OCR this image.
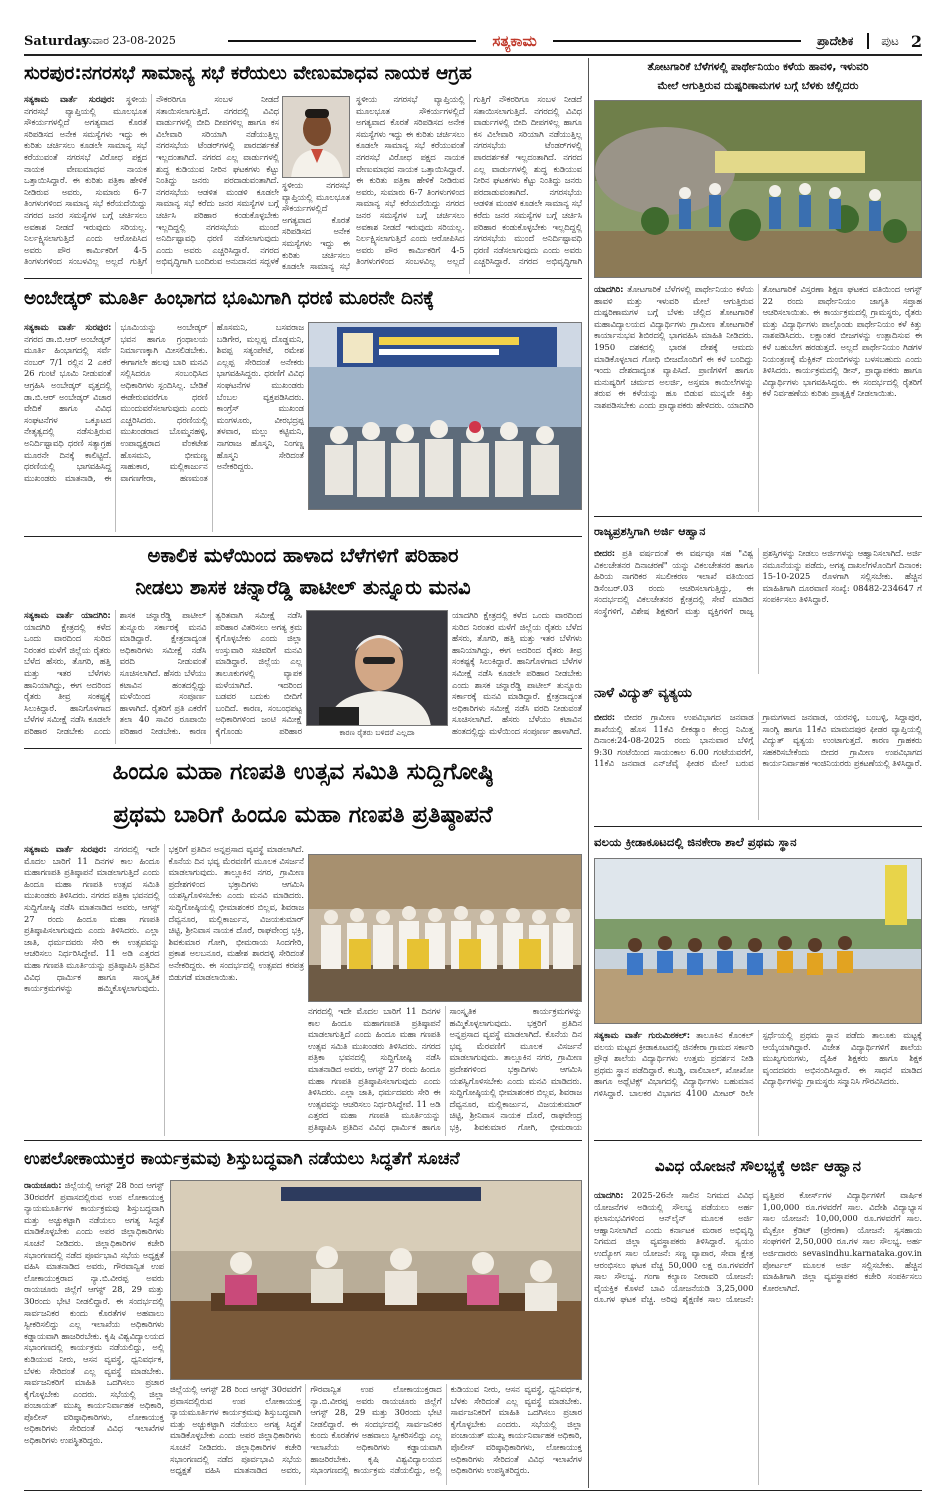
Saturday
ಶನಿವಾರ 23-08-2025	ಸತ್ಯಕಾಮ	ಪ್ರಾದೇಶಿಕ	ಪುಟ 2
ಸುರಪುರ:ನಗರಸಭೆ ಸಾಮಾನ್ಯ ಸಭೆ ಕರೆಯಲು ವೇಣುಮಾಧವ ನಾಯಕ ಆಗ್ರಹ
ಸತ್ಯಕಾಮ ವಾರ್ತೆ ಸುರಪುರ: ಸ್ಥಳೀಯ ನಗರಸಭೆ ವ್ಯಾಪ್ತಿಯಲ್ಲಿ ಮೂಲಭೂತ ಸೌಕರ್ಯಗಳಲ್ಲಿದೆ ಅಗತ್ಯವಾದ ಕೊರತೆ ಸರಿಪಡಿಸದ ಅನೇಕ ಸಮಸ್ಯೆಗಳು ಇದ್ದು ಈ ಕುರಿತು ಚರ್ಚಿಸಲು ಕೂಡಲೇ ಸಾಮಾನ್ಯ ಸಭೆ ಕರೆಯುವಂತೆ ನಗರಸಭೆ ವಿರೋಧ ಪಕ್ಷದ ನಾಯಕ ವೇಣುಮಾಧವ ನಾಯಕ ಒತ್ತಾಯಿಸಿದ್ದಾರೆ. ಈ ಕುರಿತು ಪತ್ರಿಕಾ ಹೇಳಿಕೆ ನೀಡಿರುವ ಅವರು, ಸುಮಾರು 6-7 ತಿಂಗಳುಗಳಿಂದ ಸಾಮಾನ್ಯ ಸಭೆ ಕರೆಯದೆಯಿದ್ದು ನಗರದ ಜನರ ಸಮಸ್ಯೆಗಳ ಬಗ್ಗೆ ಚರ್ಚಿಸಲು ಅವಕಾಶ ನೀಡದೆ ಇರುವುದು ಸರಿಯಲ್ಲ. ನಿರ್ಲಕ್ಷ್ಯಿಸಲಾಗುತ್ತಿದೆ ಎಂದು ಆರೋಪಿಸಿದ ಅವರು ಪೌರ ಕಾರ್ಮಿಕರಿಗೆ 4-5 ತಿಂಗಳುಗಳಿಂದ ಸಂಬಳವಿಲ್ಲ ಅಲ್ಲದೆ ಗುತ್ತಿಗೆ ನೌಕರರಿಗೂ ಸಂಬಳ ನೀಡದೆ ಸತಾಯಿಸಲಾಗುತ್ತಿದೆ. ನಗರದಲ್ಲಿ ವಿವಿಧ ವಾರ್ಡುಗಳಲ್ಲಿ ಬೀದಿ ದೀಪಗಳಿಲ್ಲ ಹಾಗೂ ಕಸ ವಿಲೇವಾರಿ ಸರಿಯಾಗಿ ನಡೆಯುತ್ತಿಲ್ಲ ನಗರಸಭೆಯ ಟೆಂಡರ್‌ಗಳಲ್ಲಿ ಪಾರದರ್ಶಕತೆ ಇಲ್ಲದಂತಾಗಿದೆ. ನಗರದ ಎಲ್ಲ ವಾರ್ಡುಗಳಲ್ಲಿ ಶುದ್ಧ ಕುಡಿಯುವ ನೀರಿನ ಘಟಕಗಳು ಕೆಟ್ಟು ನಿಂತಿದ್ದು ಜನರು ಪರದಾಡುವಂತಾಗಿದೆ. ನಗರಸಭೆಯ ಆಡಳಿತ ಮಂಡಳಿ ಕೂಡಲೇ ಸಾಮಾನ್ಯ ಸಭೆ ಕರೆದು ಜನರ ಸಮಸ್ಯೆಗಳ ಬಗ್ಗೆ ಚರ್ಚಿಸಿ ಪರಿಹಾರ ಕಂಡುಕೊಳ್ಳಬೇಕು ಇಲ್ಲದಿದ್ದಲ್ಲಿ ನಗರಸಭೆಯ ಮುಂದೆ ಅನಿರ್ದಿಷ್ಟಾವಧಿ ಧರಣಿ ನಡೆಸಲಾಗುವುದು ಎಂದು ಅವರು ಎಚ್ಚರಿಸಿದ್ದಾರೆ. ನಗರದ ಅಭಿವೃದ್ಧಿಗಾಗಿ ಬಂದಿರುವ ಅನುದಾನದ ಸದ್ಬಳಕೆ
ಸ್ಥಳೀಯ ನಗರಸಭೆ ವ್ಯಾಪ್ತಿಯಲ್ಲಿ ಮೂಲಭೂತ ಸೌಕರ್ಯಗಳಲ್ಲಿದೆ ಅಗತ್ಯವಾದ ಕೊರತೆ ಸರಿಪಡಿಸದ ಅನೇಕ ಸಮಸ್ಯೆಗಳು ಇದ್ದು ಈ ಕುರಿತು ಚರ್ಚಿಸಲು ಕೂಡಲೇ ಸಾಮಾನ್ಯ ಸಭೆ
ಸ್ಥಳೀಯ ನಗರಸಭೆ ವ್ಯಾಪ್ತಿಯಲ್ಲಿ ಮೂಲಭೂತ ಸೌಕರ್ಯಗಳಲ್ಲಿದೆ ಅಗತ್ಯವಾದ ಕೊರತೆ ಸರಿಪಡಿಸದ ಅನೇಕ ಸಮಸ್ಯೆಗಳು ಇದ್ದು ಈ ಕುರಿತು ಚರ್ಚಿಸಲು ಕೂಡಲೇ ಸಾಮಾನ್ಯ ಸಭೆ ಕರೆಯುವಂತೆ ನಗರಸಭೆ ವಿರೋಧ ಪಕ್ಷದ ನಾಯಕ ವೇಣುಮಾಧವ ನಾಯಕ ಒತ್ತಾಯಿಸಿದ್ದಾರೆ. ಈ ಕುರಿತು ಪತ್ರಿಕಾ ಹೇಳಿಕೆ ನೀಡಿರುವ ಅವರು, ಸುಮಾರು 6-7 ತಿಂಗಳುಗಳಿಂದ ಸಾಮಾನ್ಯ ಸಭೆ ಕರೆಯದೆಯಿದ್ದು ನಗರದ ಜನರ ಸಮಸ್ಯೆಗಳ ಬಗ್ಗೆ ಚರ್ಚಿಸಲು ಅವಕಾಶ ನೀಡದೆ ಇರುವುದು ಸರಿಯಲ್ಲ. ನಿರ್ಲಕ್ಷ್ಯಿಸಲಾಗುತ್ತಿದೆ ಎಂದು ಆರೋಪಿಸಿದ ಅವರು ಪೌರ ಕಾರ್ಮಿಕರಿಗೆ 4-5 ತಿಂಗಳುಗಳಿಂದ ಸಂಬಳವಿಲ್ಲ ಅಲ್ಲದೆ ಗುತ್ತಿಗೆ ನೌಕರರಿಗೂ ಸಂಬಳ ನೀಡದೆ ಸತಾಯಿಸಲಾಗುತ್ತಿದೆ. ನಗರದಲ್ಲಿ ವಿವಿಧ ವಾರ್ಡುಗಳಲ್ಲಿ ಬೀದಿ ದೀಪಗಳಿಲ್ಲ ಹಾಗೂ ಕಸ ವಿಲೇವಾರಿ ಸರಿಯಾಗಿ ನಡೆಯುತ್ತಿಲ್ಲ ನಗರಸಭೆಯ ಟೆಂಡರ್‌ಗಳಲ್ಲಿ ಪಾರದರ್ಶಕತೆ ಇಲ್ಲದಂತಾಗಿದೆ. ನಗರದ ಎಲ್ಲ ವಾರ್ಡುಗಳಲ್ಲಿ ಶುದ್ಧ ಕುಡಿಯುವ ನೀರಿನ ಘಟಕಗಳು ಕೆಟ್ಟು ನಿಂತಿದ್ದು ಜನರು ಪರದಾಡುವಂತಾಗಿದೆ. ನಗರಸಭೆಯ ಆಡಳಿತ ಮಂಡಳಿ ಕೂಡಲೇ ಸಾಮಾನ್ಯ ಸಭೆ ಕರೆದು ಜನರ ಸಮಸ್ಯೆಗಳ ಬಗ್ಗೆ ಚರ್ಚಿಸಿ ಪರಿಹಾರ ಕಂಡುಕೊಳ್ಳಬೇಕು ಇಲ್ಲದಿದ್ದಲ್ಲಿ ನಗರಸಭೆಯ ಮುಂದೆ ಅನಿರ್ದಿಷ್ಟಾವಧಿ ಧರಣಿ ನಡೆಸಲಾಗುವುದು ಎಂದು ಅವರು ಎಚ್ಚರಿಸಿದ್ದಾರೆ. ನಗರದ ಅಭಿವೃದ್ಧಿಗಾಗಿ
ಅಂಬೇಡ್ಕರ್ ಮೂರ್ತಿ ಹಿಂಭಾಗದ ಭೂಮಿಗಾಗಿ ಧರಣಿ ಮೂರನೇ ದಿನಕ್ಕೆ
ಸತ್ಯಕಾಮ ವಾರ್ತೆ ಸುರಪುರ: ನಗರದ ಡಾ.ಬಿ.ಆರ್ ಅಂಬೇಡ್ಕರ್ ಮೂರ್ತಿ ಹಿಂಭಾಗದಲ್ಲಿ ಸರ್ವೆ ನಂಬರ್ 7/1 ರಲ್ಲಿನ 2 ಎಕರೆ 26 ಗುಂಟೆ ಭೂಮಿ ನೀಡುವಂತೆ ಆಗ್ರಹಿಸಿ ಅಂಬೇಡ್ಕರ್ ವೃತ್ತದಲ್ಲಿ ಡಾ.ಬಿ.ಆರ್ ಅಂಬೇಡ್ಕರ್ ವಿಚಾರ ವೇದಿಕೆ ಹಾಗೂ ವಿವಿಧ ಸಂಘಟನೆಗಳ ಒಕ್ಕೂಟದ ನೇತೃತ್ವದಲ್ಲಿ ನಡೆಸುತ್ತಿರುವ ಅನಿರ್ದಿಷ್ಟಾವಧಿ ಧರಣಿ ಸತ್ಯಾಗ್ರಹ ಮೂರನೇ ದಿನಕ್ಕೆ ಕಾಲಿಟ್ಟಿದೆ. ಧರಣಿಯಲ್ಲಿ ಭಾಗವಹಿಸಿದ್ದ ಮುಖಂಡರು ಮಾತನಾಡಿ, ಈ ಭೂಮಿಯನ್ನು ಅಂಬೇಡ್ಕರ್ ಭವನ ಹಾಗೂ ಗ್ರಂಥಾಲಯ ನಿರ್ಮಾಣಕ್ಕಾಗಿ ಮೀಸಲಿಡಬೇಕು. ಈಗಾಗಲೇ ಹಲವು ಬಾರಿ ಮನವಿ ಸಲ್ಲಿಸಿದರೂ ಸಂಬಂಧಿಸಿದ ಅಧಿಕಾರಿಗಳು ಸ್ಪಂದಿಸಿಲ್ಲ. ಬೇಡಿಕೆ ಈಡೇರುವವರೆಗೂ ಧರಣಿ ಮುಂದುವರೆಸಲಾಗುವುದು ಎಂದು ಎಚ್ಚರಿಸಿದರು. ಧರಣಿಯಲ್ಲಿ ಮುಖಂಡರಾದ ಬೊಮ್ಮನಹಳ್ಳಿ, ಉಪಾಧ್ಯಕ್ಷರಾದ ವೆಂಕಟೇಶ ಹೊಸಮನಿ, ಭೀಮಣ್ಣ ಸಾಹುಕಾರ, ಮಲ್ಲಿಕಾರ್ಜುನ ವಾಗಣಗೇರಾ, ಹಣಮಂತ ಹೊಸಮನಿ, ಬಸವರಾಜ ಬಡಿಗೇರ, ಮಲ್ಲಪ್ಪ ದೊಡ್ಡಮನಿ, ಶಿವಪ್ಪ ಸತ್ಯಂಪೇಟೆ, ರಮೇಶ ಎಲ್ಲಪ್ಪ ಸೇರಿದಂತೆ ಅನೇಕರು ಭಾಗವಹಿಸಿದ್ದರು. ಧರಣಿಗೆ ವಿವಿಧ ಸಂಘಟನೆಗಳ ಮುಖಂಡರು ಬೆಂಬಲ ವ್ಯಕ್ತಪಡಿಸಿದರು. ಕಾಂಗ್ರೆಸ್ ಮುಖಂಡ ಮಂಗಳೂರು, ವೀರಭದ್ರಪ್ಪ ತಳವಾರ, ಮಲ್ಲು ಕಟ್ಟಿಮನಿ, ನಾಗರಾಜ ಹೊಸ್ಮನಿ, ನಿಂಗಣ್ಣ ಹೊಸ್ಮನಿ ಸೇರಿದಂತೆ ಅನೇಕರಿದ್ದರು.
ಅಕಾಲಿಕ ಮಳೆಯಿಂದ ಹಾಳಾದ ಬೆಳೆಗಳಿಗೆ ಪರಿಹಾರ
ನೀಡಲು ಶಾಸಕ ಚನ್ನಾರೆಡ್ಡಿ ಪಾಟೀಲ್ ತುನ್ನೂರು ಮನವಿ
ಸತ್ಯಕಾಮ ವಾರ್ತೆ ಯಾದಗಿರಿ: ಯಾದಗಿರಿ ಕ್ಷೇತ್ರದಲ್ಲಿ ಕಳೆದ ಒಂದು ವಾರದಿಂದ ಸುರಿದ ನಿರಂತರ ಮಳೆಗೆ ಜಿಲ್ಲೆಯ ರೈತರು ಬೆಳೆದ ಹೆಸರು, ತೊಗರಿ, ಹತ್ತಿ ಮತ್ತು ಇತರ ಬೆಳೆಗಳು ಹಾನಿಯಾಗಿದ್ದು, ಈಗ ಅದರಿಂದ ರೈತರು ತೀವ್ರ ಸಂಕಷ್ಟಕ್ಕೆ ಸಿಲುಕಿದ್ದಾರೆ. ಹಾನಿಗೊಳಗಾದ ಬೆಳೆಗಳ ಸಮೀಕ್ಷೆ ನಡೆಸಿ ಕೂಡಲೇ ಪರಿಹಾರ ನೀಡಬೇಕು ಎಂದು ಶಾಸಕ ಚನ್ನಾರೆಡ್ಡಿ ಪಾಟೀಲ್ ತುನ್ನೂರು ಸರ್ಕಾರಕ್ಕೆ ಮನವಿ ಮಾಡಿದ್ದಾರೆ. ಕ್ಷೇತ್ರದಾದ್ಯಂತ ಅಧಿಕಾರಿಗಳು ಸಮೀಕ್ಷೆ ನಡೆಸಿ ವರದಿ ನೀಡುವಂತೆ ಸೂಚಿಸಲಾಗಿದೆ. ಹೆಸರು ಬೆಳೆಯು ಕಟಾವಿನ ಹಂತದಲ್ಲಿದ್ದು ಮಳೆಯಿಂದ ಸಂಪೂರ್ಣ ಹಾಳಾಗಿದೆ. ರೈತರಿಗೆ ಪ್ರತಿ ಎಕರೆಗೆ ತಲಾ 40 ಸಾವಿರ ರೂಪಾಯಿ ಪರಿಹಾರ ನೀಡಬೇಕು. ಕಾರಣ ತ್ವರಿತವಾಗಿ ಸಮೀಕ್ಷೆ ನಡೆಸಿ ಪರಿಹಾರ ವಿತರಿಸಲು ಅಗತ್ಯ ಕ್ರಮ ಕೈಗೊಳ್ಳಬೇಕು ಎಂದು ಜಿಲ್ಲಾ ಉಸ್ತುವಾರಿ ಸಚಿವರಿಗೆ ಮನವಿ ಮಾಡಿದ್ದಾರೆ. ಜಿಲ್ಲೆಯ ಎಲ್ಲ ತಾಲೂಕುಗಳಲ್ಲಿ ವ್ಯಾಪಕ ಮಳೆಯಾಗಿದೆ. ಇದರಿಂದ ಬಡವರ ಬದುಕು ಬೀದಿಗೆ ಬಂದಿದೆ. ಕಾರಣ, ಸಂಬಂಧಪಟ್ಟ ಅಧಿಕಾರಿಗಳಿಂದ ಜಂಟಿ ಸಮೀಕ್ಷೆ ಕೈಗೊಂಡು ಪರಿಹಾರ	ಕಾರಣ ರೈತರು ಬಳಿದರೆ ಎಲ್ಲದಾ
ಯಾದಗಿರಿ ಕ್ಷೇತ್ರದಲ್ಲಿ ಕಳೆದ ಒಂದು ವಾರದಿಂದ ಸುರಿದ ನಿರಂತರ ಮಳೆಗೆ ಜಿಲ್ಲೆಯ ರೈತರು ಬೆಳೆದ ಹೆಸರು, ತೊಗರಿ, ಹತ್ತಿ ಮತ್ತು ಇತರ ಬೆಳೆಗಳು ಹಾನಿಯಾಗಿದ್ದು, ಈಗ ಅದರಿಂದ ರೈತರು ತೀವ್ರ ಸಂಕಷ್ಟಕ್ಕೆ ಸಿಲುಕಿದ್ದಾರೆ. ಹಾನಿಗೊಳಗಾದ ಬೆಳೆಗಳ ಸಮೀಕ್ಷೆ ನಡೆಸಿ ಕೂಡಲೇ ಪರಿಹಾರ ನೀಡಬೇಕು ಎಂದು ಶಾಸಕ ಚನ್ನಾರೆಡ್ಡಿ ಪಾಟೀಲ್ ತುನ್ನೂರು ಸರ್ಕಾರಕ್ಕೆ ಮನವಿ ಮಾಡಿದ್ದಾರೆ. ಕ್ಷೇತ್ರದಾದ್ಯಂತ ಅಧಿಕಾರಿಗಳು ಸಮೀಕ್ಷೆ ನಡೆಸಿ ವರದಿ ನೀಡುವಂತೆ ಸೂಚಿಸಲಾಗಿದೆ. ಹೆಸರು ಬೆಳೆಯು ಕಟಾವಿನ ಹಂತದಲ್ಲಿದ್ದು ಮಳೆಯಿಂದ ಸಂಪೂರ್ಣ ಹಾಳಾಗಿದೆ.
ಹಿಂದೂ ಮಹಾ ಗಣಪತಿ ಉತ್ಸವ ಸಮಿತಿ ಸುದ್ದಿಗೋಷ್ಠಿ
ಪ್ರಥಮ ಬಾರಿಗೆ ಹಿಂದೂ ಮಹಾ ಗಣಪತಿ ಪ್ರತಿಷ್ಠಾಪನೆ
ಸತ್ಯಕಾಮ ವಾರ್ತೆ ಸುರಪುರ: ನಗರದಲ್ಲಿ ಇದೇ ಮೊದಲ ಬಾರಿಗೆ 11 ದಿನಗಳ ಕಾಲ ಹಿಂದೂ ಮಹಾಗಣಪತಿ ಪ್ರತಿಷ್ಠಾಪನೆ ಮಾಡಲಾಗುತ್ತಿದೆ ಎಂದು ಹಿಂದೂ ಮಹಾ ಗಣಪತಿ ಉತ್ಸವ ಸಮಿತಿ ಮುಖಂಡರು ತಿಳಿಸಿದರು. ನಗರದ ಪತ್ರಿಕಾ ಭವನದಲ್ಲಿ ಸುದ್ದಿಗೋಷ್ಠಿ ನಡೆಸಿ ಮಾತನಾಡಿದ ಅವರು, ಆಗಸ್ಟ್ 27 ರಂದು ಹಿಂದೂ ಮಹಾ ಗಣಪತಿ ಪ್ರತಿಷ್ಠಾಪಿಸಲಾಗುವುದು ಎಂದು ತಿಳಿಸಿದರು. ಎಲ್ಲಾ ಜಾತಿ, ಧರ್ಮದವರು ಸೇರಿ ಈ ಉತ್ಸವವನ್ನು ಆಚರಿಸಲು ನಿರ್ಧರಿಸಿದ್ದೇವೆ. 11 ಅಡಿ ಎತ್ತರದ ಮಹಾ ಗಣಪತಿ ಮೂರ್ತಿಯನ್ನು ಪ್ರತಿಷ್ಠಾಪಿಸಿ ಪ್ರತಿದಿನ ವಿವಿಧ ಧಾರ್ಮಿಕ ಹಾಗೂ ಸಾಂಸ್ಕೃತಿಕ ಕಾರ್ಯಕ್ರಮಗಳನ್ನು ಹಮ್ಮಿಕೊಳ್ಳಲಾಗುವುದು. ಭಕ್ತರಿಗೆ ಪ್ರತಿದಿನ ಅನ್ನಪ್ರಸಾದ ವ್ಯವಸ್ಥೆ ಮಾಡಲಾಗಿದೆ. ಕೊನೆಯ ದಿನ ಭವ್ಯ ಮೆರವಣಿಗೆ ಮೂಲಕ ವಿಸರ್ಜನೆ ಮಾಡಲಾಗುವುದು. ತಾಲ್ಲೂಕಿನ ನಗರ, ಗ್ರಾಮೀಣ ಪ್ರದೇಶಗಳಿಂದ ಭಕ್ತಾದಿಗಳು ಆಗಮಿಸಿ ಯಶಸ್ವಿಗೊಳಿಸಬೇಕು ಎಂದು ಮನವಿ ಮಾಡಿದರು. ಸುದ್ದಿಗೋಷ್ಠಿಯಲ್ಲಿ ಭೀಮಾಶಂಕರ ಬಿಲ್ಲವ, ಶಿವರಾಜ ದೆವ್ವನೂರ, ಮಲ್ಲಿಕಾರ್ಜುನ, ವಿಜಯಕುಮಾರ್ ಚಿಟ್ಟಿ, ಶ್ರೀನಿವಾಸ ನಾಯಕ ದೊರೆ, ರಾಘವೇಂದ್ರ ಭಕ್ರಿ, ಶಿವಕುಮಾರ ಗೋಗಿ, ಭೀಮರಾಯ ಸಿಂದಗೇರಿ, ಪ್ರಕಾಶ ಅಲಬನೂರ, ಮಹೇಶ ಶಾರದಳ್ಳಿ ಸೇರಿದಂತೆ ಅನೇಕರಿದ್ದರು. ಈ ಸಂದರ್ಭದಲ್ಲಿ ಉತ್ಸವದ ಕರಪತ್ರ ಬಿಡುಗಡೆ ಮಾಡಲಾಯಿತು.
ನಗರದಲ್ಲಿ ಇದೇ ಮೊದಲ ಬಾರಿಗೆ 11 ದಿನಗಳ ಕಾಲ ಹಿಂದೂ ಮಹಾಗಣಪತಿ ಪ್ರತಿಷ್ಠಾಪನೆ ಮಾಡಲಾಗುತ್ತಿದೆ ಎಂದು ಹಿಂದೂ ಮಹಾ ಗಣಪತಿ ಉತ್ಸವ ಸಮಿತಿ ಮುಖಂಡರು ತಿಳಿಸಿದರು. ನಗರದ ಪತ್ರಿಕಾ ಭವನದಲ್ಲಿ ಸುದ್ದಿಗೋಷ್ಠಿ ನಡೆಸಿ ಮಾತನಾಡಿದ ಅವರು, ಆಗಸ್ಟ್ 27 ರಂದು ಹಿಂದೂ ಮಹಾ ಗಣಪತಿ ಪ್ರತಿಷ್ಠಾಪಿಸಲಾಗುವುದು ಎಂದು ತಿಳಿಸಿದರು. ಎಲ್ಲಾ ಜಾತಿ, ಧರ್ಮದವರು ಸೇರಿ ಈ ಉತ್ಸವವನ್ನು ಆಚರಿಸಲು ನಿರ್ಧರಿಸಿದ್ದೇವೆ. 11 ಅಡಿ ಎತ್ತರದ ಮಹಾ ಗಣಪತಿ ಮೂರ್ತಿಯನ್ನು ಪ್ರತಿಷ್ಠಾಪಿಸಿ ಪ್ರತಿದಿನ ವಿವಿಧ ಧಾರ್ಮಿಕ ಹಾಗೂ ಸಾಂಸ್ಕೃತಿಕ ಕಾರ್ಯಕ್ರಮಗಳನ್ನು ಹಮ್ಮಿಕೊಳ್ಳಲಾಗುವುದು. ಭಕ್ತರಿಗೆ ಪ್ರತಿದಿನ ಅನ್ನಪ್ರಸಾದ ವ್ಯವಸ್ಥೆ ಮಾಡಲಾಗಿದೆ. ಕೊನೆಯ ದಿನ ಭವ್ಯ ಮೆರವಣಿಗೆ ಮೂಲಕ ವಿಸರ್ಜನೆ ಮಾಡಲಾಗುವುದು. ತಾಲ್ಲೂಕಿನ ನಗರ, ಗ್ರಾಮೀಣ ಪ್ರದೇಶಗಳಿಂದ ಭಕ್ತಾದಿಗಳು ಆಗಮಿಸಿ ಯಶಸ್ವಿಗೊಳಿಸಬೇಕು ಎಂದು ಮನವಿ ಮಾಡಿದರು. ಸುದ್ದಿಗೋಷ್ಠಿಯಲ್ಲಿ ಭೀಮಾಶಂಕರ ಬಿಲ್ಲವ, ಶಿವರಾಜ ದೆವ್ವನೂರ, ಮಲ್ಲಿಕಾರ್ಜುನ, ವಿಜಯಕುಮಾರ್ ಚಿಟ್ಟಿ, ಶ್ರೀನಿವಾಸ ನಾಯಕ ದೊರೆ, ರಾಘವೇಂದ್ರ ಭಕ್ರಿ, ಶಿವಕುಮಾರ ಗೋಗಿ, ಭೀಮರಾಯ
ಉಪಲೋಕಾಯುಕ್ತರ ಕಾರ್ಯಕ್ರಮವು ಶಿಸ್ತುಬದ್ಧವಾಗಿ ನಡೆಯಲು ಸಿದ್ಧತೆಗೆ ಸೂಚನೆ
ರಾಯಚೂರು: ಜಿಲ್ಲೆಯಲ್ಲಿ ಆಗಸ್ಟ್ 28 ರಿಂದ ಆಗಸ್ಟ್ 30ರವರೆಗೆ ಪ್ರವಾಸದಲ್ಲಿರುವ ಉಪ ಲೋಕಾಯುಕ್ತ ನ್ಯಾಯಮೂರ್ತಿಗಳ ಕಾರ್ಯಕ್ರಮವು ಶಿಸ್ತುಬದ್ಧವಾಗಿ ಮತ್ತು ಅಚ್ಚುಕಟ್ಟಾಗಿ ನಡೆಯಲು ಅಗತ್ಯ ಸಿದ್ಧತೆ ಮಾಡಿಕೊಳ್ಳಬೇಕು ಎಂದು ಅಪರ ಜಿಲ್ಲಾಧಿಕಾರಿಗಳು ಸೂಚನೆ ನೀಡಿದರು. ಜಿಲ್ಲಾಧಿಕಾರಿಗಳ ಕಚೇರಿ ಸಭಾಂಗಣದಲ್ಲಿ ನಡೆದ ಪೂರ್ವಭಾವಿ ಸಭೆಯ ಅಧ್ಯಕ್ಷತೆ ವಹಿಸಿ ಮಾತನಾಡಿದ ಅವರು, ಗೌರವಾನ್ವಿತ ಉಪ ಲೋಕಾಯುಕ್ತರಾದ ನ್ಯಾ.ಬಿ.ವೀರಪ್ಪ ಅವರು ರಾಯಚೂರು ಜಿಲ್ಲೆಗೆ ಆಗಸ್ಟ್ 28, 29 ಮತ್ತು 30ರಂದು ಭೇಟಿ ನೀಡಲಿದ್ದಾರೆ. ಈ ಸಂದರ್ಭದಲ್ಲಿ ಸಾರ್ವಜನಿಕರ ಕುಂದು ಕೊರತೆಗಳ ಅಹವಾಲು ಸ್ವೀಕರಿಸಲಿದ್ದು ಎಲ್ಲ ಇಲಾಖೆಯ ಅಧಿಕಾರಿಗಳು ಕಡ್ಡಾಯವಾಗಿ ಹಾಜರಿರಬೇಕು. ಕೃಷಿ ವಿಶ್ವವಿದ್ಯಾಲಯದ ಸಭಾಂಗಣದಲ್ಲಿ ಕಾರ್ಯಕ್ರಮ ನಡೆಯಲಿದ್ದು, ಅಲ್ಲಿ ಕುಡಿಯುವ ನೀರು, ಆಸನ ವ್ಯವಸ್ಥೆ, ಧ್ವನಿವರ್ಧಕ, ಬೆಳಕು ಸೇರಿದಂತೆ ಎಲ್ಲ ವ್ಯವಸ್ಥೆ ಮಾಡಬೇಕು. ಸಾರ್ವಜನಿಕರಿಗೆ ಮಾಹಿತಿ ಒದಗಿಸಲು ಪ್ರಚಾರ ಕೈಗೊಳ್ಳಬೇಕು ಎಂದರು. ಸಭೆಯಲ್ಲಿ ಜಿಲ್ಲಾ ಪಂಚಾಯತ್ ಮುಖ್ಯ ಕಾರ್ಯನಿರ್ವಾಹಕ ಅಧಿಕಾರಿ, ಪೊಲೀಸ್ ವರಿಷ್ಠಾಧಿಕಾರಿಗಳು, ಲೋಕಾಯುಕ್ತ ಅಧಿಕಾರಿಗಳು ಸೇರಿದಂತೆ ವಿವಿಧ ಇಲಾಖೆಗಳ ಅಧಿಕಾರಿಗಳು ಉಪಸ್ಥಿತರಿದ್ದರು.
ಜಿಲ್ಲೆಯಲ್ಲಿ ಆಗಸ್ಟ್ 28 ರಿಂದ ಆಗಸ್ಟ್ 30ರವರೆಗೆ ಪ್ರವಾಸದಲ್ಲಿರುವ ಉಪ ಲೋಕಾಯುಕ್ತ ನ್ಯಾಯಮೂರ್ತಿಗಳ ಕಾರ್ಯಕ್ರಮವು ಶಿಸ್ತುಬದ್ಧವಾಗಿ ಮತ್ತು ಅಚ್ಚುಕಟ್ಟಾಗಿ ನಡೆಯಲು ಅಗತ್ಯ ಸಿದ್ಧತೆ ಮಾಡಿಕೊಳ್ಳಬೇಕು ಎಂದು ಅಪರ ಜಿಲ್ಲಾಧಿಕಾರಿಗಳು ಸೂಚನೆ ನೀಡಿದರು. ಜಿಲ್ಲಾಧಿಕಾರಿಗಳ ಕಚೇರಿ ಸಭಾಂಗಣದಲ್ಲಿ ನಡೆದ ಪೂರ್ವಭಾವಿ ಸಭೆಯ ಅಧ್ಯಕ್ಷತೆ ವಹಿಸಿ ಮಾತನಾಡಿದ ಅವರು, ಗೌರವಾನ್ವಿತ ಉಪ ಲೋಕಾಯುಕ್ತರಾದ ನ್ಯಾ.ಬಿ.ವೀರಪ್ಪ ಅವರು ರಾಯಚೂರು ಜಿಲ್ಲೆಗೆ ಆಗಸ್ಟ್ 28, 29 ಮತ್ತು 30ರಂದು ಭೇಟಿ ನೀಡಲಿದ್ದಾರೆ. ಈ ಸಂದರ್ಭದಲ್ಲಿ ಸಾರ್ವಜನಿಕರ ಕುಂದು ಕೊರತೆಗಳ ಅಹವಾಲು ಸ್ವೀಕರಿಸಲಿದ್ದು ಎಲ್ಲ ಇಲಾಖೆಯ ಅಧಿಕಾರಿಗಳು ಕಡ್ಡಾಯವಾಗಿ ಹಾಜರಿರಬೇಕು. ಕೃಷಿ ವಿಶ್ವವಿದ್ಯಾಲಯದ ಸಭಾಂಗಣದಲ್ಲಿ ಕಾರ್ಯಕ್ರಮ ನಡೆಯಲಿದ್ದು, ಅಲ್ಲಿ ಕುಡಿಯುವ ನೀರು, ಆಸನ ವ್ಯವಸ್ಥೆ, ಧ್ವನಿವರ್ಧಕ, ಬೆಳಕು ಸೇರಿದಂತೆ ಎಲ್ಲ ವ್ಯವಸ್ಥೆ ಮಾಡಬೇಕು. ಸಾರ್ವಜನಿಕರಿಗೆ ಮಾಹಿತಿ ಒದಗಿಸಲು ಪ್ರಚಾರ ಕೈಗೊಳ್ಳಬೇಕು ಎಂದರು. ಸಭೆಯಲ್ಲಿ ಜಿಲ್ಲಾ ಪಂಚಾಯತ್ ಮುಖ್ಯ ಕಾರ್ಯನಿರ್ವಾಹಕ ಅಧಿಕಾರಿ, ಪೊಲೀಸ್ ವರಿಷ್ಠಾಧಿಕಾರಿಗಳು, ಲೋಕಾಯುಕ್ತ ಅಧಿಕಾರಿಗಳು ಸೇರಿದಂತೆ ವಿವಿಧ ಇಲಾಖೆಗಳ ಅಧಿಕಾರಿಗಳು ಉಪಸ್ಥಿತರಿದ್ದರು.
ತೋಟಗಾರಿಕೆ ಬೆಳೆಗಳಲ್ಲಿ ಪಾರ್ಥೇನಿಯಂ ಕಳೆಯ ಹಾವಳಿ, ಇಳುವರಿ
ಮೇಲೆ ಆಗುತ್ತಿರುವ ದುಷ್ಪರಿಣಾಮಗಳ ಬಗ್ಗೆ ಬೆಳಕು ಚೆಲ್ಲಿದರು
ಯಾದಗಿರಿ: ತೋಟಗಾರಿಕೆ ಬೆಳೆಗಳಲ್ಲಿ ಪಾರ್ಥೇನಿಯಂ ಕಳೆಯ ಹಾವಳಿ ಮತ್ತು ಇಳುವರಿ ಮೇಲೆ ಆಗುತ್ತಿರುವ ದುಷ್ಪರಿಣಾಮಗಳ ಬಗ್ಗೆ ಬೆಳಕು ಚೆಲ್ಲಿದ ತೋಟಗಾರಿಕೆ ಮಹಾವಿದ್ಯಾಲಯದ ವಿದ್ಯಾರ್ಥಿಗಳು ಗ್ರಾಮೀಣ ತೋಟಗಾರಿಕೆ ಕಾರ್ಯಾನುಭವ ಶಿಬಿರದಲ್ಲಿ ಭಾಗವಹಿಸಿ ಮಾಹಿತಿ ನೀಡಿದರು. 1950 ದಶಕದಲ್ಲಿ ಭಾರತ ದೇಶಕ್ಕೆ ಆಮದು ಮಾಡಿಕೊಳ್ಳಲಾದ ಗೋಧಿ ಬೀಜದೊಂದಿಗೆ ಈ ಕಳೆ ಬಂದಿದ್ದು ಇಂದು ದೇಶದಾದ್ಯಂತ ವ್ಯಾಪಿಸಿದೆ. ಪ್ರಾಣಿಗಳಿಗೆ ಹಾಗೂ ಮನುಷ್ಯರಿಗೆ ಚರ್ಮದ ಅಲರ್ಜಿ, ಅಸ್ತಮಾ ಕಾಯಿಲೆಗಳನ್ನು ತರುವ ಈ ಕಳೆಯನ್ನು ಹೂ ಬಿಡುವ ಮುನ್ನವೇ ಕಿತ್ತು ನಾಶಪಡಿಸಬೇಕು ಎಂದು ಪ್ರಾಧ್ಯಾಪಕರು ಹೇಳಿದರು. ಯಾದಗಿರಿ ತೋಟಗಾರಿಕೆ ವಿಸ್ತರಣಾ ಶಿಕ್ಷಣ ಘಟಕದ ವತಿಯಿಂದ ಆಗಸ್ಟ್ 22 ರಂದು ಪಾರ್ಥೇನಿಯಂ ಜಾಗೃತಿ ಸಪ್ತಾಹ ಆಚರಿಸಲಾಯಿತು. ಈ ಕಾರ್ಯಕ್ರಮದಲ್ಲಿ ಗ್ರಾಮಸ್ಥರು, ರೈತರು ಮತ್ತು ವಿದ್ಯಾರ್ಥಿಗಳು ಪಾಲ್ಗೊಂಡು ಪಾರ್ಥೇನಿಯಂ ಕಳೆ ಕಿತ್ತು ನಾಶಪಡಿಸಿದರು. ಲಕ್ಷಾಂತರ ಬೀಜಗಳನ್ನು ಉತ್ಪಾದಿಸುವ ಈ ಕಳೆ ಬಹುಬೇಗ ಹರಡುತ್ತದೆ. ಅಲ್ಲದೆ ಪಾರ್ಥೇನಿಯಂ ಗಿಡಗಳ ನಿಯಂತ್ರಣಕ್ಕೆ ಮೆಕ್ಸಿಕನ್ ದುಂಬಿಗಳನ್ನು ಬಳಸಬಹುದು ಎಂದು ತಿಳಿಸಿದರು. ಕಾರ್ಯಕ್ರಮದಲ್ಲಿ ಡೀನ್, ಪ್ರಾಧ್ಯಾಪಕರು ಹಾಗೂ ವಿದ್ಯಾರ್ಥಿಗಳು ಭಾಗವಹಿಸಿದ್ದರು. ಈ ಸಂದರ್ಭದಲ್ಲಿ ರೈತರಿಗೆ ಕಳೆ ನಿರ್ವಹಣೆಯ ಕುರಿತು ಪ್ರಾತ್ಯಕ್ಷಿಕೆ ನೀಡಲಾಯಿತು.
ರಾಜ್ಯಪ್ರಶಸ್ತಿಗಾಗಿ ಅರ್ಜಿ ಆಹ್ವಾನ
ಬೀದರ: ಪ್ರತಿ ವರ್ಷದಂತೆ ಈ ವರ್ಷವೂ ಸಹ "ವಿಶ್ವ ವಿಕಲಚೇತನರ ದಿನಾಚರಣೆ" ಯನ್ನು ವಿಕಲಚೇತನರ ಹಾಗೂ ಹಿರಿಯ ನಾಗರಿಕರ ಸಬಲೀಕರಣ ಇಲಾಖೆ ವತಿಯಿಂದ ಡಿಸೆಂಬರ್.03 ರಂದು ಆಚರಿಸಲಾಗುತ್ತಿದ್ದು, ಈ ಸಂದರ್ಭದಲ್ಲಿ ವಿಕಲಚೇತನರ ಕ್ಷೇತ್ರದಲ್ಲಿ ಸೇವೆ ಮಾಡಿದ ಸಂಸ್ಥೆಗಳಿಗೆ, ವಿಶೇಷ ಶಿಕ್ಷಕರಿಗೆ ಮತ್ತು ವ್ಯಕ್ತಿಗಳಿಗೆ ರಾಜ್ಯ ಪ್ರಶಸ್ತಿಗಳನ್ನು ನೀಡಲು ಅರ್ಜಿಗಳನ್ನು ಆಹ್ವಾನಿಸಲಾಗಿದೆ. ಅರ್ಜಿ ನಮೂನೆಯನ್ನು ಪಡೆದು, ಅಗತ್ಯ ದಾಖಲೆಗಳೊಂದಿಗೆ ದಿನಾಂಕ: 15-10-2025 ರೊಳಗಾಗಿ ಸಲ್ಲಿಸಬೇಕು. ಹೆಚ್ಚಿನ ಮಾಹಿತಿಗಾಗಿ ದೂರವಾಣಿ ಸಂಖ್ಯೆ: 08482-234647 ಗೆ ಸಂಪರ್ಕಿಸಲು ತಿಳಿಸಿದ್ದಾರೆ.
ನಾಳೆ ವಿದ್ಯುತ್ ವ್ಯತ್ಯಯ
ಬೀದರ: ಬೀದರ ಗ್ರಾಮೀಣ ಉಪವಿಭಾಗದ ಜನವಾಡ ಶಾಖೆಯಲ್ಲಿ ಹೊಸ 11ಕೆವಿ ಲೀಕಡ್ಯಾಂ ಕೇಂದ್ರ ನಿಮಿತ್ತ ದಿನಾಂಕ:24-08-2025 ರಂದು ಭಾನುವಾರ ಬೆಳಿಗ್ಗೆ 9:30 ಗಂಟೆಯಿಂದ ಸಾಯಂಕಾಲ 6.00 ಗಂಟೆಯವರೆಗೆ, 11ಕೆವಿ ಜನವಾಡ ಎನ್‌ಜೆವೈ ಫೀಡರ ಮೇಲೆ ಬರುವ ಗ್ರಾಮಗಳಾದ ಜನವಾಡ, ಯರನಳ್ಳಿ, ಬಂಬಳ್ಳಿ, ಸಿದ್ದಾಪುರ, ಸಾಂಗ್ವಿ ಹಾಗೂ 11ಕೆವಿ ಮಾಮದಪುರ ಫೀಡರ ವ್ಯಾಪ್ತಿಯಲ್ಲಿ ವಿದ್ಯುತ್ ವ್ಯತ್ಯಯ ಉಂಟಾಗುತ್ತದೆ. ಕಾರಣ ಗ್ರಾಹಕರು ಸಹಕರಿಸಬೇಕೆಂದು ಬೀದರ ಗ್ರಾಮೀಣ ಉಪವಿಭಾಗದ ಕಾರ್ಯನಿರ್ವಾಹಕ ಇಂಜಿನಿಯರರು ಪ್ರಕಟಣೆಯಲ್ಲಿ ತಿಳಿಸಿದ್ದಾರೆ.
ವಲಯ ಕ್ರೀಡಾಕೂಟದಲ್ಲಿ ಜಿನಕೇರಾ ಶಾಲೆ ಪ್ರಥಮ ಸ್ಥಾನ
ಸತ್ಯಕಾಮ ವಾರ್ತೆ ಗುರುಮಿಠಕಲ್: ತಾಲೂಕಿನ ಕೊಂಕಲ್ ವಲಯ ಮಟ್ಟದ ಕ್ರೀಡಾಕೂಟದಲ್ಲಿ ಜಿನಕೇರಾ ಗ್ರಾಮದ ಸರ್ಕಾರಿ ಪ್ರೌಢ ಶಾಲೆಯ ವಿದ್ಯಾರ್ಥಿಗಳು ಉತ್ತಮ ಪ್ರದರ್ಶನ ನೀಡಿ ಪ್ರಥಮ ಸ್ಥಾನ ಪಡೆದಿದ್ದಾರೆ. ಕಬಡ್ಡಿ, ವಾಲಿಬಾಲ್, ಖೋಖೋ ಹಾಗೂ ಅಥ್ಲೆಟಿಕ್ಸ್ ವಿಭಾಗದಲ್ಲಿ ವಿದ್ಯಾರ್ಥಿಗಳು ಬಹುಮಾನ ಗಳಿಸಿದ್ದಾರೆ. ಬಾಲಕರ ವಿಭಾಗದ 4100 ಮೀಟರ್ ರಿಲೇ ಸ್ಪರ್ಧೆಯಲ್ಲಿ ಪ್ರಥಮ ಸ್ಥಾನ ಪಡೆದು ತಾಲೂಕು ಮಟ್ಟಕ್ಕೆ ಆಯ್ಕೆಯಾಗಿದ್ದಾರೆ. ವಿಜೇತ ವಿದ್ಯಾರ್ಥಿಗಳಿಗೆ ಶಾಲೆಯ ಮುಖ್ಯಗುರುಗಳು, ದೈಹಿಕ ಶಿಕ್ಷಕರು ಹಾಗೂ ಶಿಕ್ಷಕ ವೃಂದದವರು ಅಭಿನಂದಿಸಿದ್ದಾರೆ. ಈ ಸಾಧನೆ ಮಾಡಿದ ವಿದ್ಯಾರ್ಥಿಗಳನ್ನು ಗ್ರಾಮಸ್ಥರು ಸನ್ಮಾನಿಸಿ ಗೌರವಿಸಿದರು.
ವಿವಿಧ ಯೋಜನೆ ಸೌಲಭ್ಯಕ್ಕೆ ಅರ್ಜಿ ಆಹ್ವಾನ
ಯಾದಗಿರಿ: 2025-26ನೇ ಸಾಲಿನ ನಿಗಮದ ವಿವಿಧ ಯೋಜನೆಗಳ ಅಡಿಯಲ್ಲಿ ಸೌಲಭ್ಯ ಪಡೆಯಲು ಅರ್ಹ ಫಲಾನುಭವಿಗಳಿಂದ ಆನ್‌ಲೈನ್ ಮೂಲಕ ಅರ್ಜಿ ಆಹ್ವಾನಿಸಲಾಗಿದೆ ಎಂದು ಕರ್ನಾಟಕ ಮರಾಠ ಅಭಿವೃದ್ಧಿ ನಿಗಮದ ಜಿಲ್ಲಾ ವ್ಯವಸ್ಥಾಪಕರು ತಿಳಿಸಿದ್ದಾರೆ. ಸ್ವಯಂ ಉದ್ಯೋಗ ಸಾಲ ಯೋಜನೆ: ಸಣ್ಣ ವ್ಯಾಪಾರ, ಸೇವಾ ಕ್ಷೇತ್ರ ಆರಂಭಿಸಲು ಘಟಕ ವೆಚ್ಚ 50,000 ಲಕ್ಷ ರೂ.ಗಳವರೆಗೆ ಸಾಲ ಸೌಲಭ್ಯ. ಗಂಗಾ ಕಲ್ಯಾಣ ನೀರಾವರಿ ಯೋಜನೆ: ವೈಯಕ್ತಿಕ ಕೊಳವೆ ಬಾವಿ ಯೋಜನೆಯಡಿ 3,25,000 ರೂ.ಗಳ ಘಟಕ ವೆಚ್ಚ. ಅರಿವು ಶೈಕ್ಷಣಿಕ ಸಾಲ ಯೋಜನೆ: ವೃತ್ತಿಪರ ಕೋರ್ಸ್‌ಗಳ ವಿದ್ಯಾರ್ಥಿಗಳಿಗೆ ವಾರ್ಷಿಕ 1,00,000 ರೂ.ಗಳವರೆಗೆ ಸಾಲ. ವಿದೇಶಿ ವಿದ್ಯಾಭ್ಯಾಸ ಸಾಲ ಯೋಜನೆ: 10,00,000 ರೂ.ಗಳವರೆಗೆ ಸಾಲ. ಮೈಕ್ರೋ ಕ್ರೆಡಿಟ್ (ಪ್ರೇರಣಾ) ಯೋಜನೆ: ಸ್ವಸಹಾಯ ಸಂಘಗಳಿಗೆ 2,50,000 ರೂ.ಗಳ ಸಾಲ ಸೌಲಭ್ಯ. ಅರ್ಹ ಅರ್ಜಿದಾರರು sevasindhu.karnataka.gov.in ಪೋರ್ಟಲ್ ಮೂಲಕ ಅರ್ಜಿ ಸಲ್ಲಿಸಬೇಕು. ಹೆಚ್ಚಿನ ಮಾಹಿತಿಗಾಗಿ ಜಿಲ್ಲಾ ವ್ಯವಸ್ಥಾಪಕರ ಕಚೇರಿ ಸಂಪರ್ಕಿಸಲು ಕೋರಲಾಗಿದೆ.
